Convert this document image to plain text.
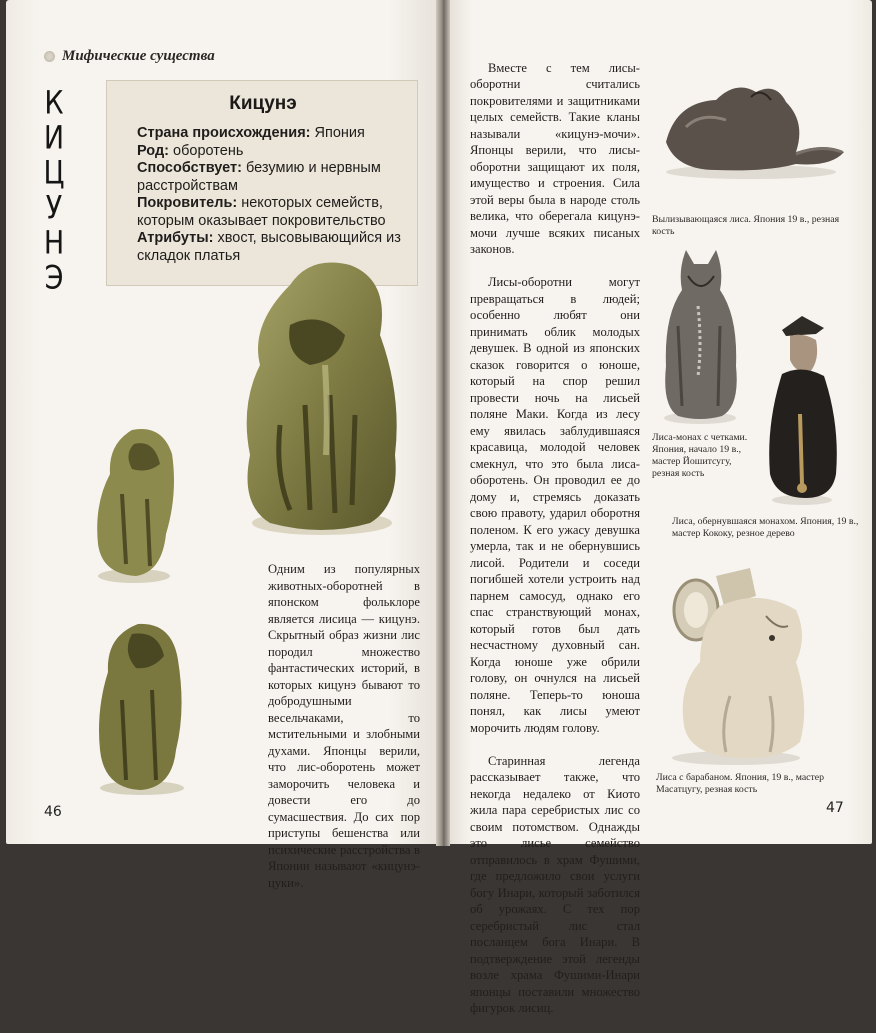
Мифические существа
К
И
Ц
У
Н
Э
Кицунэ
Страна происхождения: Япония
Род: оборотень
Способствует: безумию и нервным расстройствам
Покровитель: некоторых семейств, которым оказывает покровительство
Атрибуты: хвост, высовывающийся из складок платья
Одним из популярных животных-оборотней в японском фольклоре является лисица — кицунэ. Скрытный образ жизни лис породил множество фантастических историй, в которых кицунэ бывают то добродушными весельчаками, то мстительными и злобными духами. Японцы верили, что лис-оборотень может заморочить человека и довести его до сумасшествия. До сих пор приступы бешенства или психические расстройства в Японии называют «кицунэ-цуки».

Вместе с тем лисы-оборотни считались покровителями и защитниками целых семейств. Такие кланы называли «кицунэ-мочи». Японцы верили, что лисы-оборотни защищают их поля, имущество и строения. Сила этой веры была в народе столь велика, что оберегала кицунэ-мочи лучше всяких писаных законов.

Лисы-оборотни могут превращаться в людей; особенно любят они принимать облик молодых девушек. В одной из японских сказок говорится о юноше, который на спор решил провести ночь на лисьей поляне Маки. Когда из лесу ему явилась заблудившаяся красавица, молодой человек смекнул, что это была лиса-оборотень. Он проводил ее до дому и, стремясь доказать свою правоту, ударил оборотня поленом. К его ужасу девушка умерла, так и не обернувшись лисой. Родители и соседи погибшей хотели устроить над парнем самосуд, однако его спас странствующий монах, который готов был дать несчастному духовный сан. Когда юноше уже обрили голову, он очнулся на лисьей поляне. Теперь-то юноша понял, как лисы умеют морочить людям голову.

Старинная легенда рассказывает также, что некогда недалеко от Киото жила пара серебристых лис со своим потомством. Однажды это лисье семейство отправилось в храм Фушими, где предложило свои услуги богу Инари, который заботился об урожаях. С тех пор серебристый лис стал посланцем бога Инари. В подтверждение этой легенды возле храма Фушими-Инари японцы поставили множество фигурок лисиц.

Вылизывающаяся лиса. Япония 19 в., резная кость
Лиса-монах с четками. Япония, начало 19 в., мастер Йошитсугу, резная кость
Лиса, обернувшаяся монахом. Япония, 19 в., мастер Кококу, резное дерево
Лиса с барабаном. Япония, 19 в., мастер Масатцугу, резная кость
46	47
